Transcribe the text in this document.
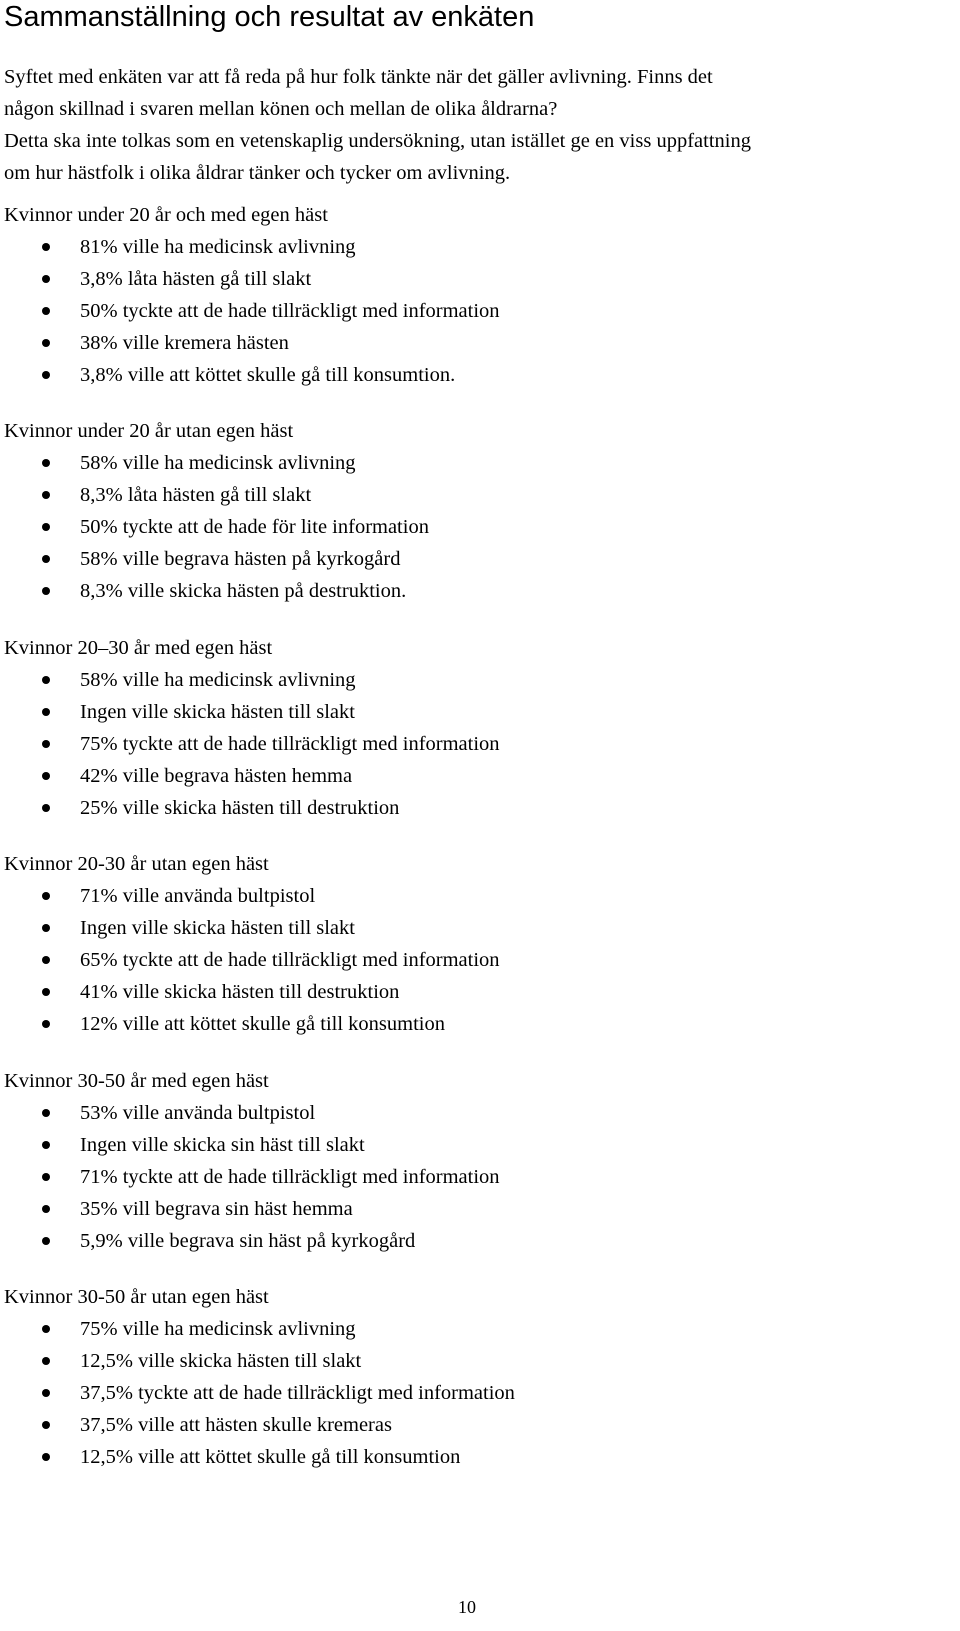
Sammanställning och resultat av enkäten

Syftet med enkäten var att få reda på hur folk tänkte när det gäller avlivning. Finns det

någon skillnad i svaren mellan könen och mellan de olika åldrarna?

Detta ska inte tolkas som en vetenskaplig undersökning, utan istället ge en viss uppfattning

om hur hästfolk i olika åldrar tänker och tycker om avlivning.

Kvinnor under 20 år och med egen häst

81% ville ha medicinsk avlivning
3,8% låta hästen gå till slakt
50% tyckte att de hade tillräckligt med information
38% ville kremera hästen
3,8% ville att köttet skulle gå till konsumtion.

Kvinnor under 20 år utan egen häst

58% ville ha medicinsk avlivning
8,3% låta hästen gå till slakt
50% tyckte att de hade för lite information
58% ville begrava hästen på kyrkogård
8,3% ville skicka hästen på destruktion.

Kvinnor 20–30 år med egen häst

58% ville ha medicinsk avlivning
Ingen ville skicka hästen till slakt
75% tyckte att de hade tillräckligt med information
42% ville begrava hästen hemma
25% ville skicka hästen till destruktion

Kvinnor 20-30 år utan egen häst

71% ville använda bultpistol
Ingen ville skicka hästen till slakt
65% tyckte att de hade tillräckligt med information
41% ville skicka hästen till destruktion
12% ville att köttet skulle gå till konsumtion

Kvinnor 30-50 år med egen häst

53% ville använda bultpistol
Ingen ville skicka sin häst till slakt
71% tyckte att de hade tillräckligt med information
35% vill begrava sin häst hemma
5,9% ville begrava sin häst på kyrkogård

Kvinnor 30-50 år utan egen häst

75% ville ha medicinsk avlivning
12,5% ville skicka hästen till slakt
37,5% tyckte att de hade tillräckligt med information
37,5% ville att hästen skulle kremeras
12,5% ville att köttet skulle gå till konsumtion
10
